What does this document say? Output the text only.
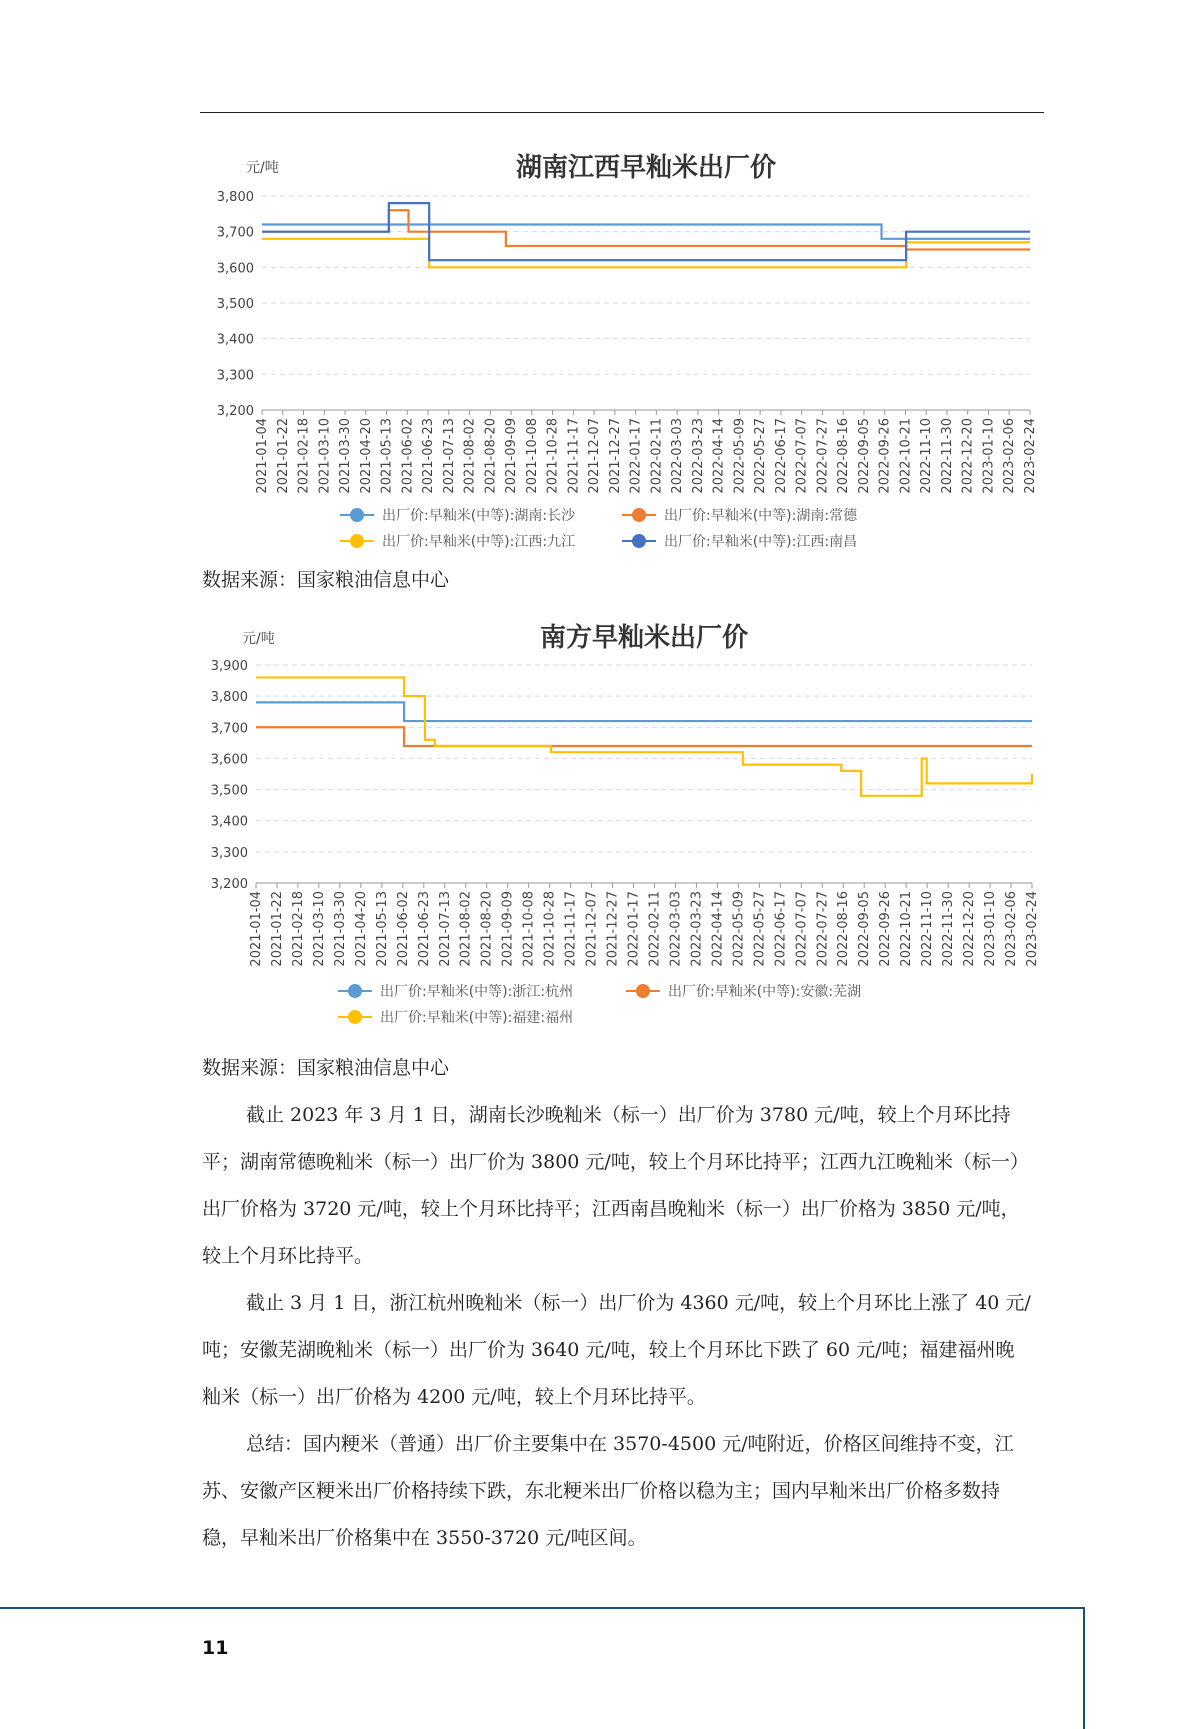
湖南江西早籼米出厂价
元/吨
3,200
3,300
3,400
3,500
3,600
3,700
3,800
2021-01-04 2021-01-22 2021-02-18 2021-03-10 2021-03-30 2021-04-20 2021-05-13 2021-06-02 2021-06-23 2021-07-13 2021-08-02 2021-08-20 2021-09-09 2021-10-08 2021-10-28 2021-11-17 2021-12-07 2021-12-27 2022-01-17 2022-02-11 2022-03-03 2022-03-23 2022-04-14 2022-05-09 2022-05-27 2022-06-17 2022-07-07 2022-07-27 2022-08-16 2022-09-05 2022-09-26 2022-10-21 2022-11-10 2022-11-30 2022-12-20 2023-01-10 2023-02-06 2023-02-24
出厂价:早籼米(中等):湖南:长沙	出厂价:早籼米(中等):湖南:常德
出厂价:早籼米(中等):江西:九江	出厂价:早籼米(中等):江西:南昌
数据来源：国家粮油信息中心
南方早籼米出厂价
元/吨
3,200
3,300
3,400
3,500
3,600
3,700
3,800
3,900
2021-01-04 2021-01-22 2021-02-18 2021-03-10 2021-03-30 2021-04-20 2021-05-13 2021-06-02 2021-06-23 2021-07-13 2021-08-02 2021-08-20 2021-09-09 2021-10-08 2021-10-28 2021-11-17 2021-12-07 2021-12-27 2022-01-17 2022-02-11 2022-03-03 2022-03-23 2022-04-14 2022-05-09 2022-05-27 2022-06-17 2022-07-07 2022-07-27 2022-08-16 2022-09-05 2022-09-26 2022-10-21 2022-11-10 2022-11-30 2022-12-20 2023-01-10 2023-02-06 2023-02-24
出厂价:早籼米(中等):浙江:杭州	出厂价:早籼米(中等):安徽:芜湖
出厂价:早籼米(中等):福建:福州
数据来源：国家粮油信息中心

截止 2023 年 3 月 1 日，湖南长沙晚籼米（标一）出厂价为 3780 元/吨，较上个月环比持平；湖南常德晚籼米（标一）出厂价为 3800 元/吨，较上个月环比持平；江西九江晚籼米（标一）出厂价格为 3720 元/吨，较上个月环比持平；江西南昌晚籼米（标一）出厂价格为 3850 元/吨，较上个月环比持平。

截止 3 月 1 日，浙江杭州晚籼米（标一）出厂价为 4360 元/吨，较上个月环比上涨了 40 元/吨；安徽芜湖晚籼米（标一）出厂价为 3640 元/吨，较上个月环比下跌了 60 元/吨；福建福州晚籼米（标一）出厂价格为 4200 元/吨，较上个月环比持平。

总结：国内粳米（普通）出厂价主要集中在 3570-4500 元/吨附近，价格区间维持不变，江苏、安徽产区粳米出厂价格持续下跌，东北粳米出厂价格以稳为主；国内早籼米出厂价格多数持稳，早籼米出厂价格集中在 3550-3720 元/吨区间。

11
